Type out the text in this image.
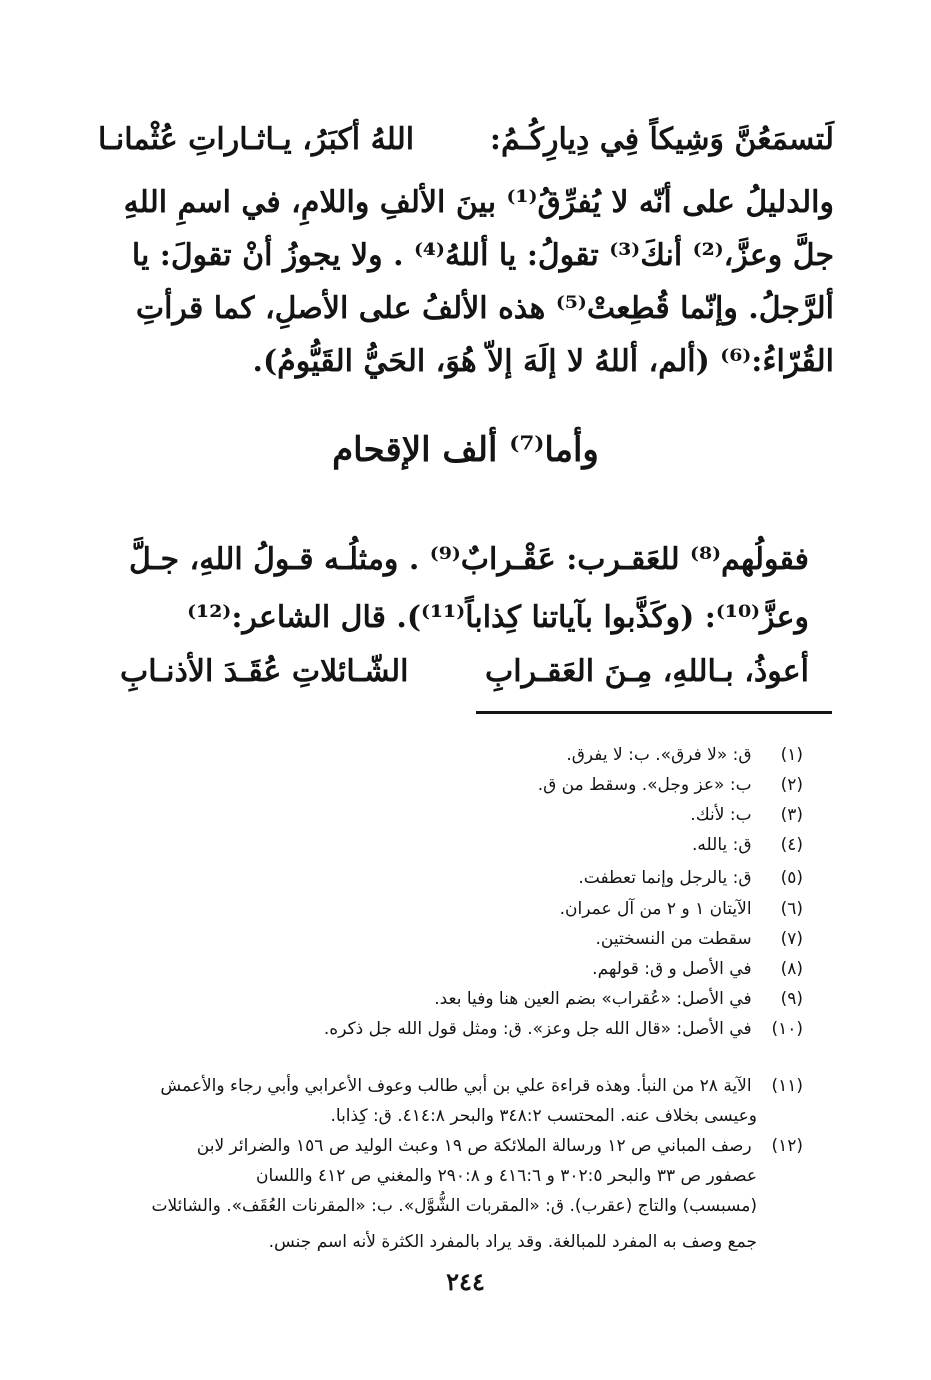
لَتسمَعُنَّ وَشِيكاً فِي دِيارِكُـمُ:
اللهُ أكبَرُ، يـاثـاراتِ عُثْمانـا
والدليلُ على أنّه لا يُفرِّقُ⁽¹⁾ بينَ الألفِ واللامِ، في اسمِ اللهِ
جلَّ وعزَّ،⁽²⁾ أنكَ⁽³⁾ تقولُ: يا أللهُ⁽⁴⁾ . ولا يجوزُ أنْ تقولَ: يا
ألرَّجلُ. وإنّما قُطِعتْ⁽⁵⁾ هذه الألفُ على الأصلِ، كما قرأتِ
القُرّاءُ:⁽⁶⁾ (ألم، أللهُ لا إلَهَ إلاّ هُوَ، الحَيُّ القَيُّومُ).
وأما⁽⁷⁾ ألف الإقحام
فقولُهم⁽⁸⁾ للعَقـرب: عَقْـرابٌ⁽⁹⁾ . ومثلُـه قـولُ اللهِ، جـلَّ
وعزَّ⁽¹⁰⁾: (وكَذَّبوا بآياتنا كِذاباً⁽¹¹⁾). قال الشاعر:⁽¹²⁾
أعوذُ، بـاللهِ، مِـنَ العَقـرابِ
الشّـائلاتِ عُقَـدَ الأذنـابِ
(١) ق: «لا فرق». ب: لا يفرق.
(٢) ب: «عز وجل». وسقط من ق.
(٣) ب: لأنك.
(٤) ق: يالله.
(٥) ق: يالرجل وإنما تعطفت.
(٦) الآيتان ١ و ٢ من آل عمران.
(٧) سقطت من النسختين.
(٨) في الأصل و ق: قولهم.
(٩) في الأصل: «عُقراب» بضم العين هنا وفيا بعد.
(١٠) في الأصل: «قال الله جل وعز». ق: ومثل قول الله جل ذكره.
(١١) الآية ٢٨ من النبأ. وهذه قراءة علي بن أبي طالب وعوف الأعرابي وأبي رجاء والأعمش
وعيسى بخلاف عنه. المحتسب ٣٤٨:٢ والبحر ٤١٤:٨. ق: كِذابا.
(١٢) رصف المباني ص ١٢ ورسالة الملائكة ص ١٩ وعبث الوليد ص ١٥٦ والضرائر لابن
عصفور ص ٣٣ والبحر ٣٠٢:٥ و ٤١٦:٦ و ٢٩٠:٨ والمغني ص ٤١٢ واللسان
(مسبسب) والتاج (عقرب). ق: «المقربات الشُّوَّل». ب: «المقرنات العُقَف». والشائلات
جمع وصف به المفرد للمبالغة. وقد يراد بالمفرد الكثرة لأنه اسم جنس.
٢٤٤
